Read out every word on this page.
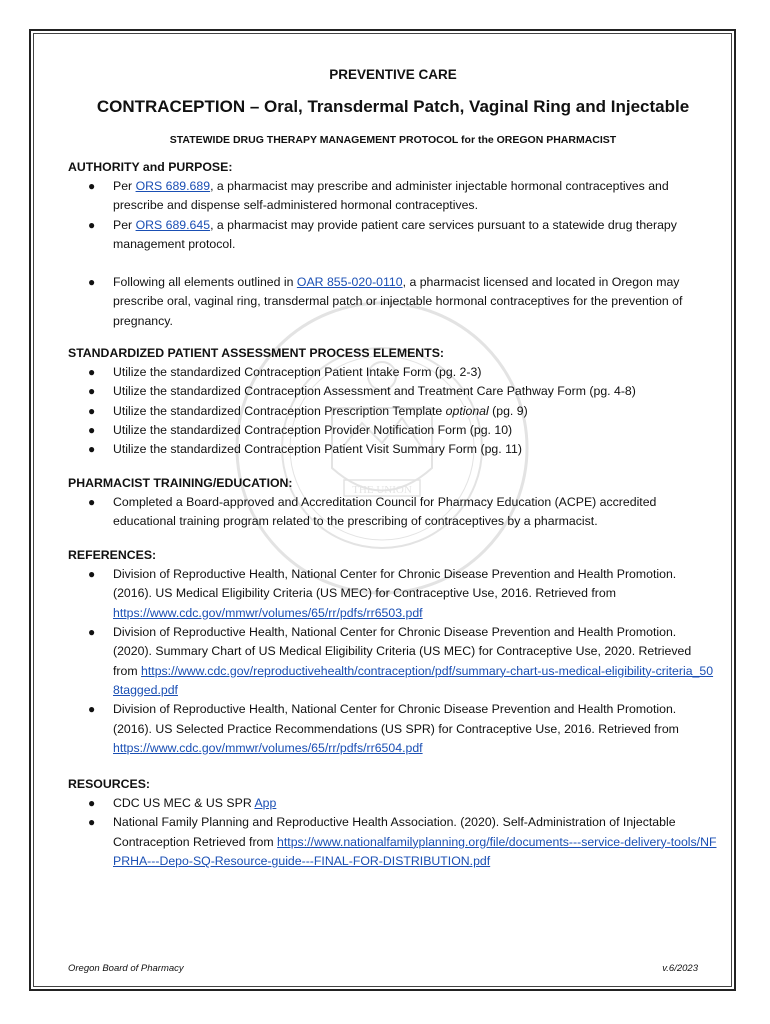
THE UNION

PREVENTIVE CARE

CONTRACEPTION – Oral, Transdermal Patch, Vaginal Ring and Injectable

STATEWIDE DRUG THERAPY MANAGEMENT PROTOCOL for the OREGON PHARMACIST

AUTHORITY and PURPOSE:

● Per ORS 689.689, a pharmacist may prescribe and administer injectable hormonal contraceptives and prescribe and dispense self-administered hormonal contraceptives.
● Per ORS 689.645, a pharmacist may provide patient care services pursuant to a statewide drug therapy management protocol.
● Following all elements outlined in OAR 855-020-0110, a pharmacist licensed and located in Oregon may prescribe oral, vaginal ring, transdermal patch or injectable hormonal contraceptives for the prevention of pregnancy.

STANDARDIZED PATIENT ASSESSMENT PROCESS ELEMENTS:

● Utilize the standardized Contraception Patient Intake Form (pg. 2-3)
● Utilize the standardized Contraception Assessment and Treatment Care Pathway Form (pg. 4-8)
● Utilize the standardized Contraception Prescription Template optional (pg. 9)
● Utilize the standardized Contraception Provider Notification Form (pg. 10)
● Utilize the standardized Contraception Patient Visit Summary Form (pg. 11)

PHARMACIST TRAINING/EDUCATION:

● Completed a Board-approved and Accreditation Council for Pharmacy Education (ACPE) accredited educational training program related to the prescribing of contraceptives by a pharmacist.

REFERENCES:

● Division of Reproductive Health, National Center for Chronic Disease Prevention and Health Promotion. (2016). US Medical Eligibility Criteria (US MEC) for Contraceptive Use, 2016. Retrieved from https://www.cdc.gov/mmwr/volumes/65/rr/pdfs/rr6503.pdf
● Division of Reproductive Health, National Center for Chronic Disease Prevention and Health Promotion. (2020). Summary Chart of US Medical Eligibility Criteria (US MEC) for Contraceptive Use, 2020. Retrieved from https://www.cdc.gov/reproductivehealth/contraception/pdf/summary-chart-us-medical-eligibility-criteria_508tagged.pdf
● Division of Reproductive Health, National Center for Chronic Disease Prevention and Health Promotion. (2016). US Selected Practice Recommendations (US SPR) for Contraceptive Use, 2016. Retrieved from https://www.cdc.gov/mmwr/volumes/65/rr/pdfs/rr6504.pdf

RESOURCES:

● CDC US MEC & US SPR App
● National Family Planning and Reproductive Health Association. (2020). Self-Administration of Injectable Contraception Retrieved from https://www.nationalfamilyplanning.org/file/documents---service-delivery-tools/NFPRHA---Depo-SQ-Resource-guide---FINAL-FOR-DISTRIBUTION.pdf
Oregon Board of Pharmacy	v.6/2023
